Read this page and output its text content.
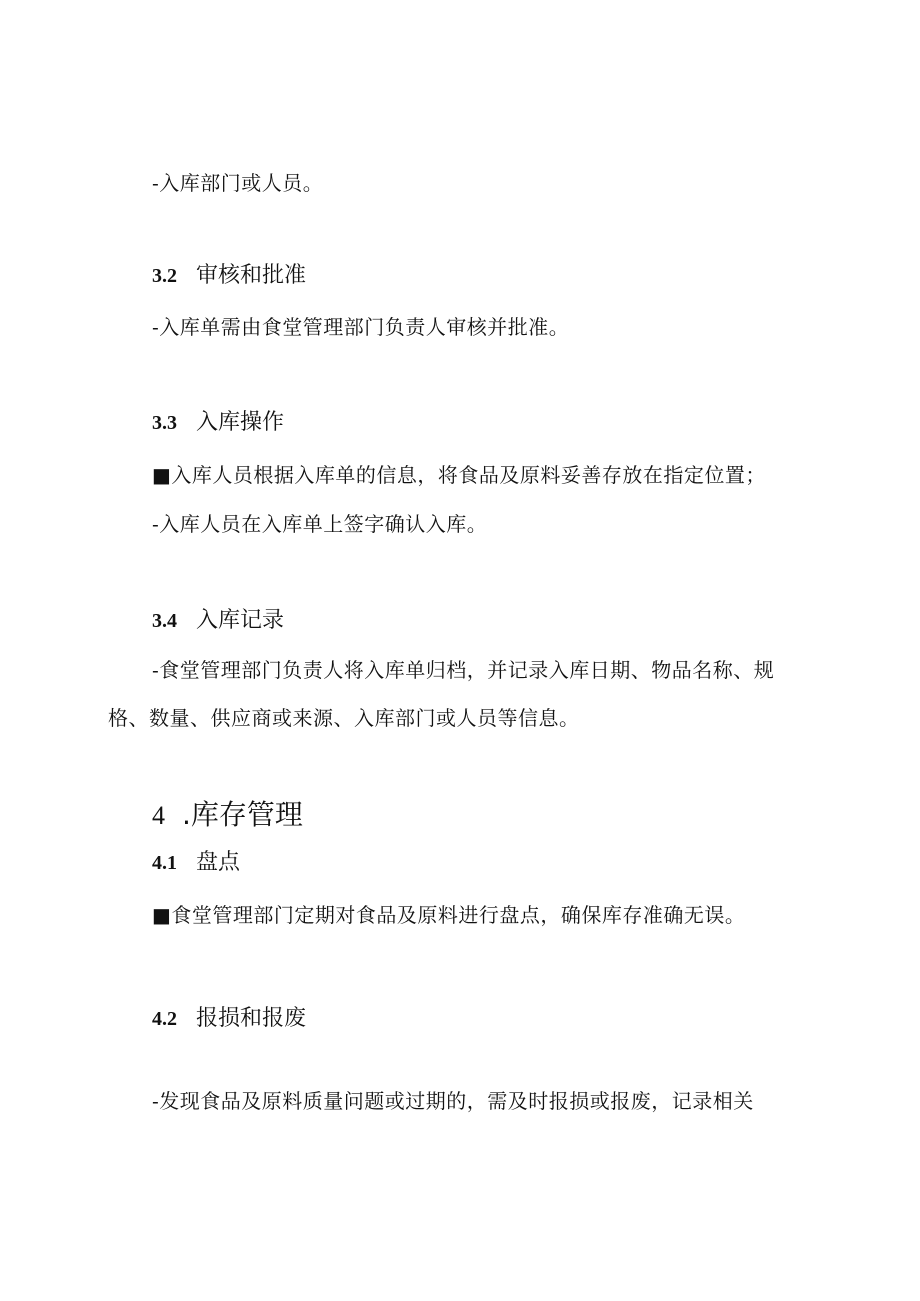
-入库部门或人员。
3.2 审核和批准
-入库单需由食堂管理部门负责人审核并批准。
3.3 入库操作
■入库人员根据入库单的信息，将食品及原料妥善存放在指定位置；
-入库人员在入库单上签字确认入库。
3.4 入库记录
-食堂管理部门负责人将入库单归档，并记录入库日期、物品名称、规
格、数量、供应商或来源、入库部门或人员等信息。
4 .库存管理
4.1 盘点
■食堂管理部门定期对食品及原料进行盘点，确保库存准确无误。
4.2 报损和报废
-发现食品及原料质量问题或过期的，需及时报损或报废，记录相关
